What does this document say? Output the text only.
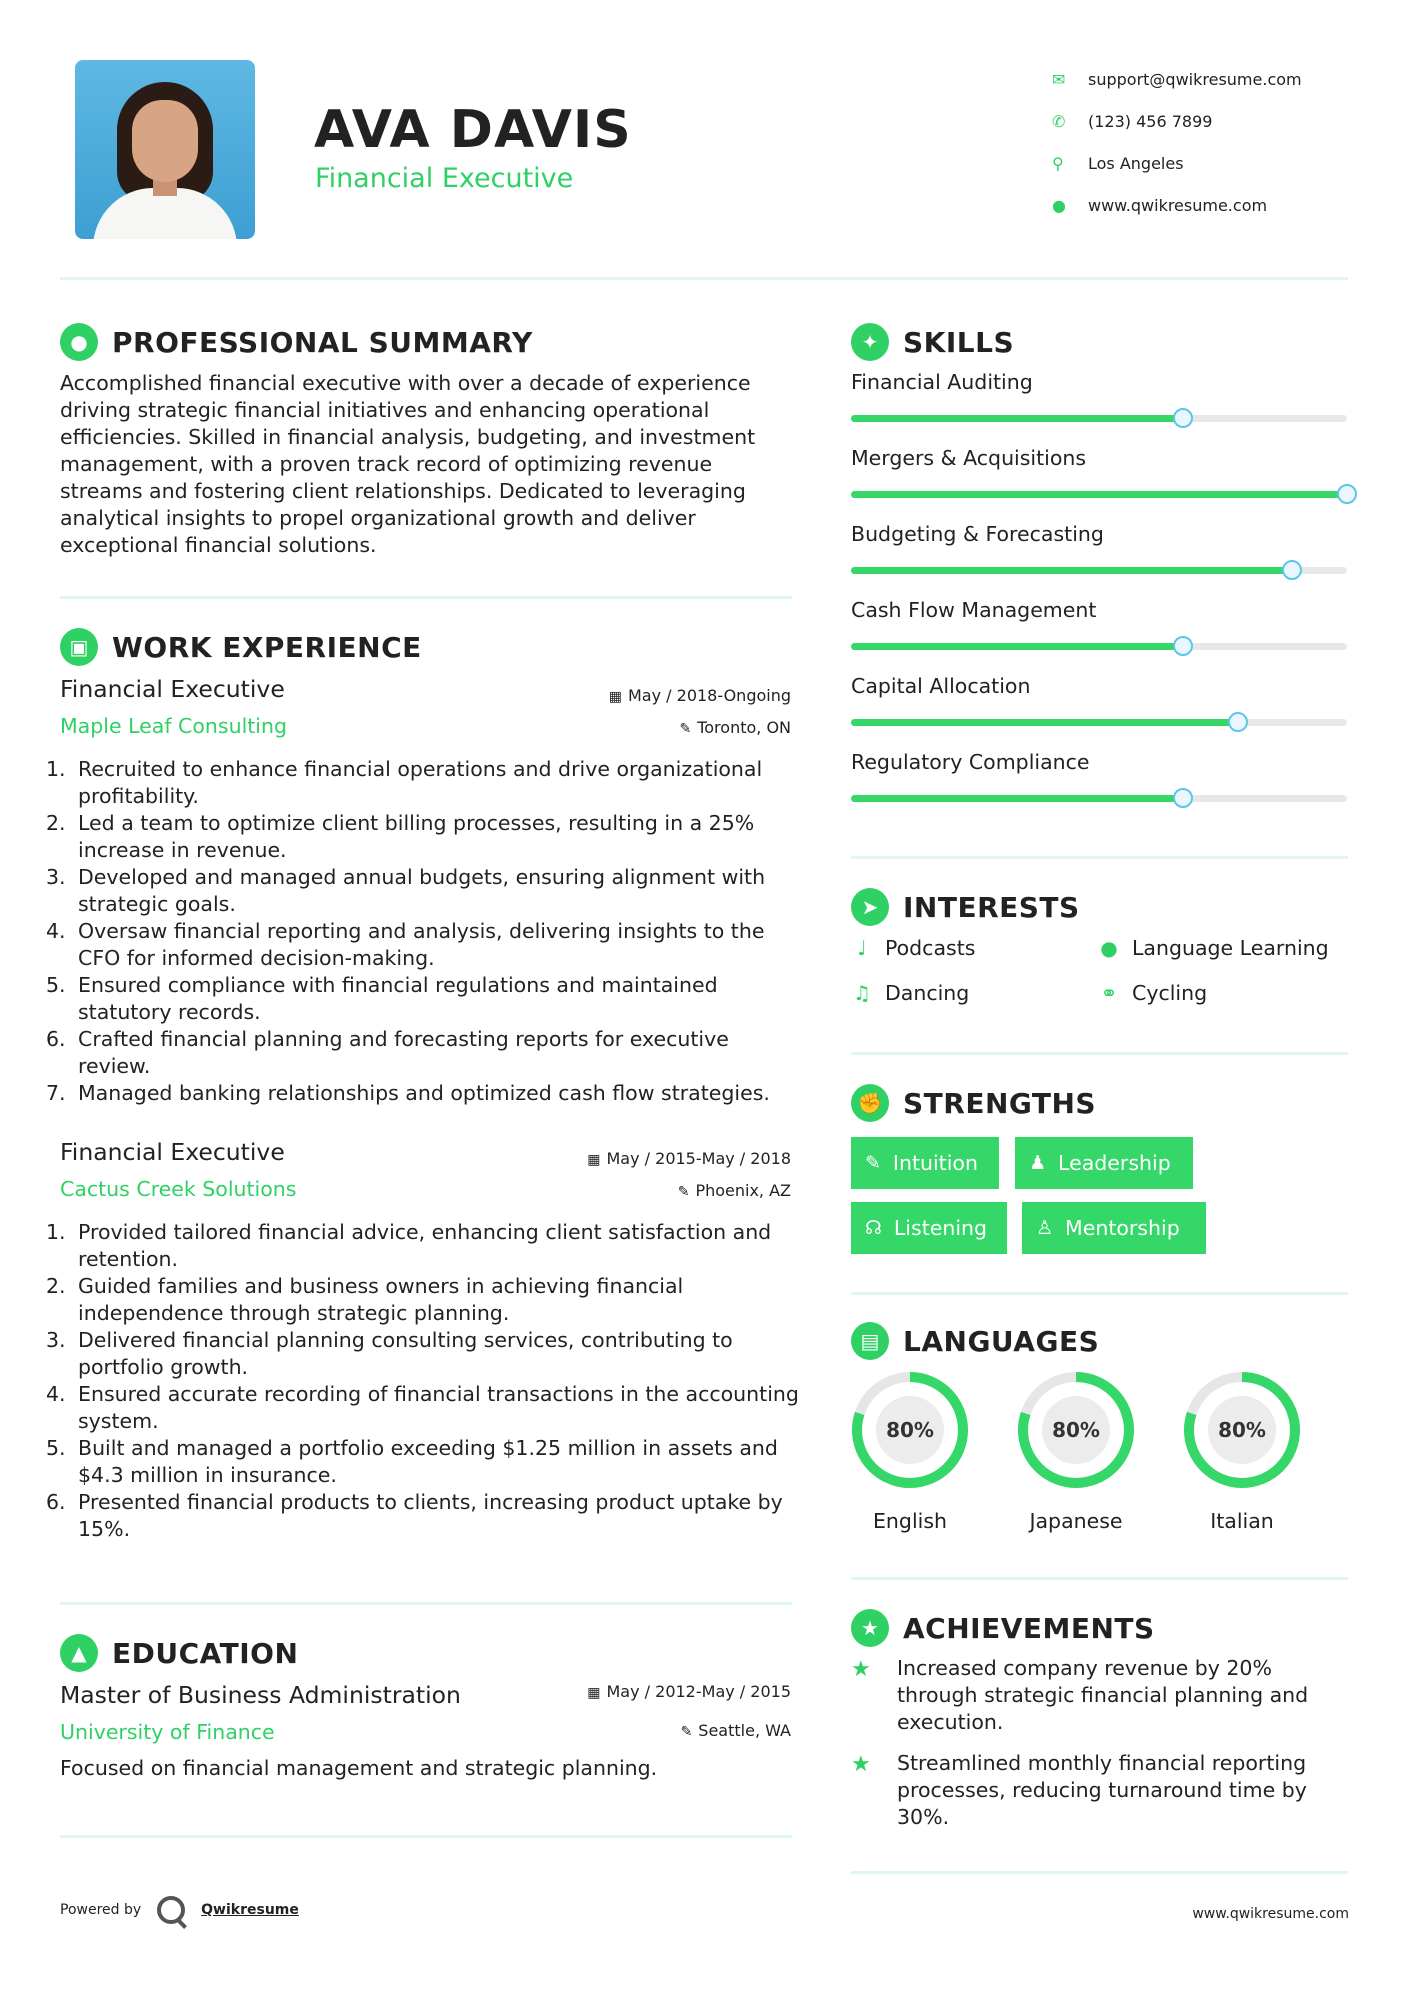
AVA DAVIS
Financial Executive
✉	support@qwikresume.com
✆	(123) 456 7899
⚲	Los Angeles
●	www.qwikresume.com
● PROFESSIONAL SUMMARY
Accomplished financial executive with over a decade of experience driving strategic financial initiatives and enhancing operational efficiencies. Skilled in financial analysis, budgeting, and investment management, with a proven track record of optimizing revenue streams and fostering client relationships. Dedicated to leveraging analytical insights to propel organizational growth and deliver exceptional financial solutions.
▣ WORK EXPERIENCE
Financial Executive	▦ May / 2018-Ongoing
Maple Leaf Consulting	✎ Toronto, ON
1. Recruited to enhance financial operations and drive organizational profitability.
2. Led a team to optimize client billing processes, resulting in a 25% increase in revenue.
3. Developed and managed annual budgets, ensuring alignment with strategic goals.
4. Oversaw financial reporting and analysis, delivering insights to the CFO for informed decision-making.
5. Ensured compliance with financial regulations and maintained statutory records.
6. Crafted financial planning and forecasting reports for executive review.
7. Managed banking relationships and optimized cash flow strategies.
Financial Executive	▦ May / 2015-May / 2018
Cactus Creek Solutions	✎ Phoenix, AZ
1. Provided tailored financial advice, enhancing client satisfaction and retention.
2. Guided families and business owners in achieving financial independence through strategic planning.
3. Delivered financial planning consulting services, contributing to portfolio growth.
4. Ensured accurate recording of financial transactions in the accounting system.
5. Built and managed a portfolio exceeding $1.25 million in assets and $4.3 million in insurance.
6. Presented financial products to clients, increasing product uptake by 15%.
▲ EDUCATION
Master of Business Administration	▦ May / 2012-May / 2015
University of Finance	✎ Seattle, WA
Focused on financial management and strategic planning.
✦ SKILLS
Financial Auditing
Mergers & Acquisitions
Budgeting & Forecasting
Cash Flow Management
Capital Allocation
Regulatory Compliance
➤ INTERESTS
♩ Podcasts	● Language Learning
♫ Dancing	⚭ Cycling
✊ STRENGTHS
✎ Intuition	♟ Leadership
☊ Listening	♙ Mentorship
▤ LANGUAGES
80%
English
80%
Japanese
80%
Italian
★ ACHIEVEMENTS
★	Increased company revenue by 20% through strategic financial planning and execution.
★	Streamlined monthly financial reporting processes, reducing turnaround time by 30%.
Powered by	Qwikresume	www.qwikresume.com
